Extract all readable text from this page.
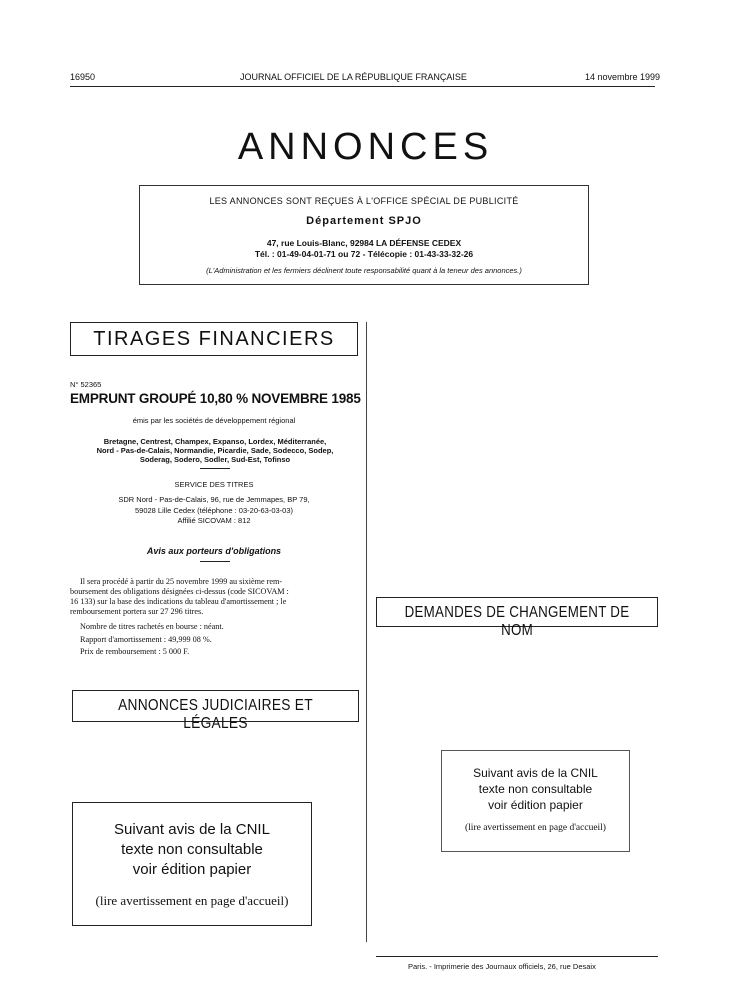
16950	JOURNAL OFFICIEL DE LA RÉPUBLIQUE FRANÇAISE	14 novembre 1999
ANNONCES
LES ANNONCES SONT REÇUES À L'OFFICE SPÉCIAL DE PUBLICITÉ
Département SPJO
47, rue Louis-Blanc, 92984 LA DÉFENSE CEDEX
Tél. : 01-49-04-01-71 ou 72 - Télécopie : 01-43-33-32-26
(L'Administration et les fermiers déclinent toute responsabilité quant à la teneur des annonces.)
TIRAGES FINANCIERS
N° 52365
EMPRUNT GROUPÉ 10,80 % NOVEMBRE 1985
émis par les sociétés de développement régional
Bretagne, Centrest, Champex, Expanso, Lordex, Méditerranée,
Nord - Pas-de-Calais, Normandie, Picardie, Sade, Sodecco, Sodep,
Soderag, Sodero, Sodler, Sud-Est, Tofinso
SERVICE DES TITRES
SDR Nord - Pas-de-Calais, 96, rue de Jemmapes, BP 79,
59028 Lille Cedex (téléphone : 03-20-63-03-03)
Affilié SICOVAM : 812
Avis aux porteurs d'obligations
Il sera procédé à partir du 25 novembre 1999 au sixième rem-
boursement des obligations désignées ci-dessus (code SICOVAM :
16 133) sur la base des indications du tableau d'amortissement ; le
remboursement portera sur 27 296 titres.
Nombre de titres rachetés en bourse : néant.
Rapport d'amortissement : 49,999 08 %.
Prix de remboursement : 5 000 F.
DEMANDES DE CHANGEMENT DE NOM
ANNONCES JUDICIAIRES ET LÉGALES
Suivant avis de la CNIL
texte non consultable
voir édition papier
(lire avertissement en page d'accueil)
Suivant avis de la CNIL
texte non consultable
voir édition papier
(lire avertissement en page d'accueil)
Paris. - Imprimerie des Journaux officiels, 26, rue Desaix
